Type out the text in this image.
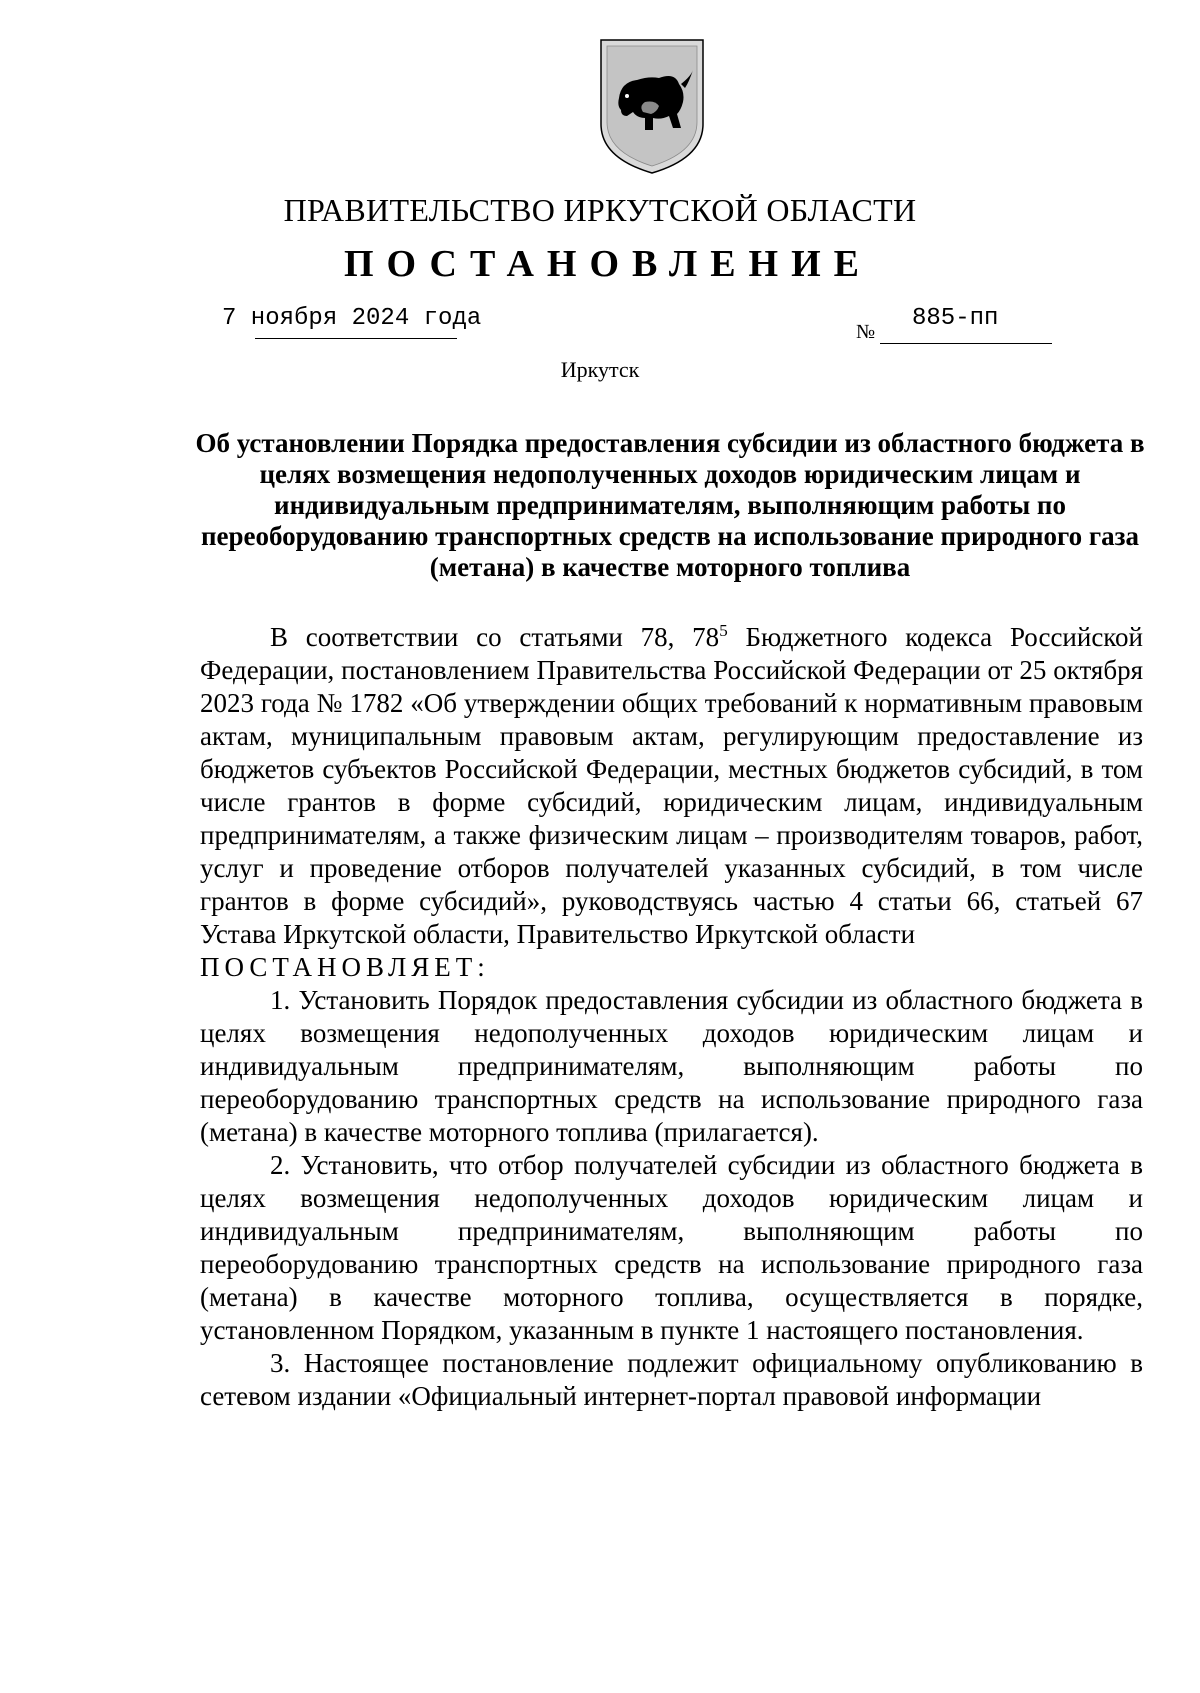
ПРАВИТЕЛЬСТВО ИРКУТСКОЙ ОБЛАСТИ
ПОСТАНОВЛЕНИЕ
7 ноября 2024 года	№ 885-пп
Иркутск
Об установлении Порядка предоставления субсидии из областного бюджета в целях возмещения недополученных доходов юридическим лицам и индивидуальным предпринимателям, выполняющим работы по переоборудованию транспортных средств на использование природного газа (метана) в качестве моторного топлива

В соответствии со статьями 78, $78^5$ Бюджетного кодекса Российской Федерации, постановлением Правительства Российской Федерации от 25 октября 2023 года № 1782 «Об утверждении общих требований к нормативным правовым актам, муниципальным правовым актам, регулирующим предоставление из бюджетов субъектов Российской Федерации, местных бюджетов субсидий, в том числе грантов в форме субсидий, юридическим лицам, индивидуальным предпринимателям, а также физическим лицам – производителям товаров, работ, услуг и проведение отборов получателей указанных субсидий, в том числе грантов в форме субсидий», руководствуясь частью 4 статьи 66, статьей 67 Устава Иркутской области, Правительство Иркутской области

ПОСТАНОВЛЯЕТ:

1. Установить Порядок предоставления субсидии из областного бюджета в целях возмещения недополученных доходов юридическим лицам и индивидуальным предпринимателям, выполняющим работы по переоборудованию транспортных средств на использование природного газа (метана) в качестве моторного топлива (прилагается).

2. Установить, что отбор получателей субсидии из областного бюджета в целях возмещения недополученных доходов юридическим лицам и индивидуальным предпринимателям, выполняющим работы по переоборудованию транспортных средств на использование природного газа (метана) в качестве моторного топлива, осуществляется в порядке, установленном Порядком, указанным в пункте 1 настоящего постановления.

3. Настоящее постановление подлежит официальному опубликованию в сетевом издании «Официальный интернет-портал правовой информации
